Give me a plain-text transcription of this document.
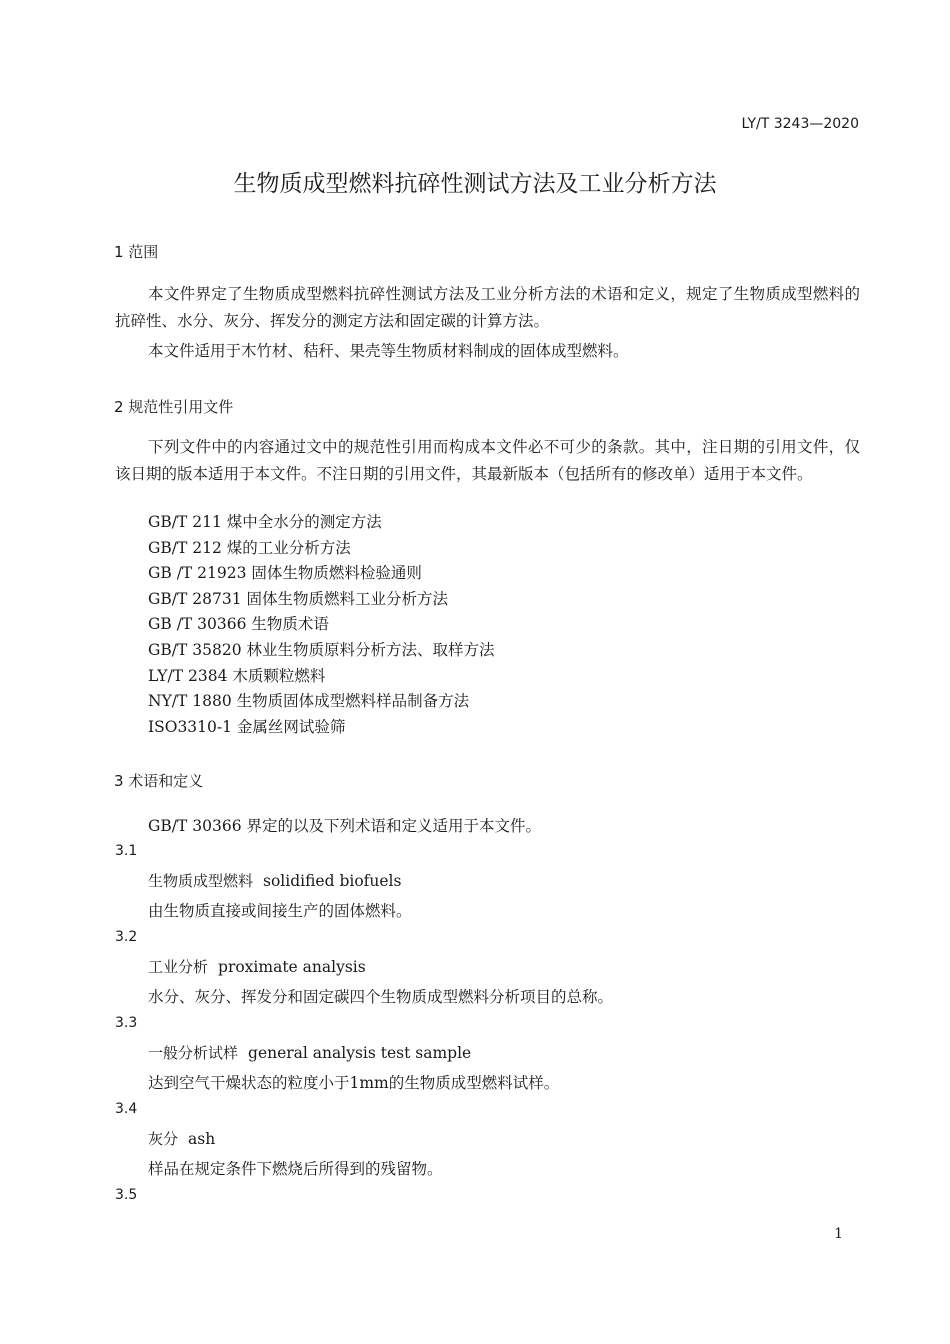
LY/T 3243—2020
生物质成型燃料抗碎性测试方法及工业分析方法
1 范围

本文件界定了生物质成型燃料抗碎性测试方法及工业分析方法的术语和定义，规定了生物质成型燃料的抗碎性、水分、灰分、挥发分的测定方法和固定碳的计算方法。

本文件适用于木竹材、秸秆、果壳等生物质材料制成的固体成型燃料。

2 规范性引用文件

下列文件中的内容通过文中的规范性引用而构成本文件必不可少的条款。其中，注日期的引用文件，仅该日期的版本适用于本文件。不注日期的引用文件，其最新版本（包括所有的修改单）适用于本文件。

GB/T 211 煤中全水分的测定方法
GB/T 212 煤的工业分析方法
GB /T 21923 固体生物质燃料检验通则
GB/T 28731 固体生物质燃料工业分析方法
GB /T 30366 生物质术语
GB/T 35820 林业生物质原料分析方法、取样方法
LY/T 2384 木质颗粒燃料
NY/T 1880 生物质固体成型燃料样品制备方法
ISO3310-1 金属丝网试验筛
3 术语和定义
GB/T 30366 界定的以及下列术语和定义适用于本文件。
3.1
生物质成型燃料 solidified biofuels
由生物质直接或间接生产的固体燃料。
3.2
工业分析 proximate analysis
水分、灰分、挥发分和固定碳四个生物质成型燃料分析项目的总称。
3.3
一般分析试样 general analysis test sample
达到空气干燥状态的粒度小于1mm的生物质成型燃料试样。
3.4
灰分 ash
样品在规定条件下燃烧后所得到的残留物。
3.5
1
